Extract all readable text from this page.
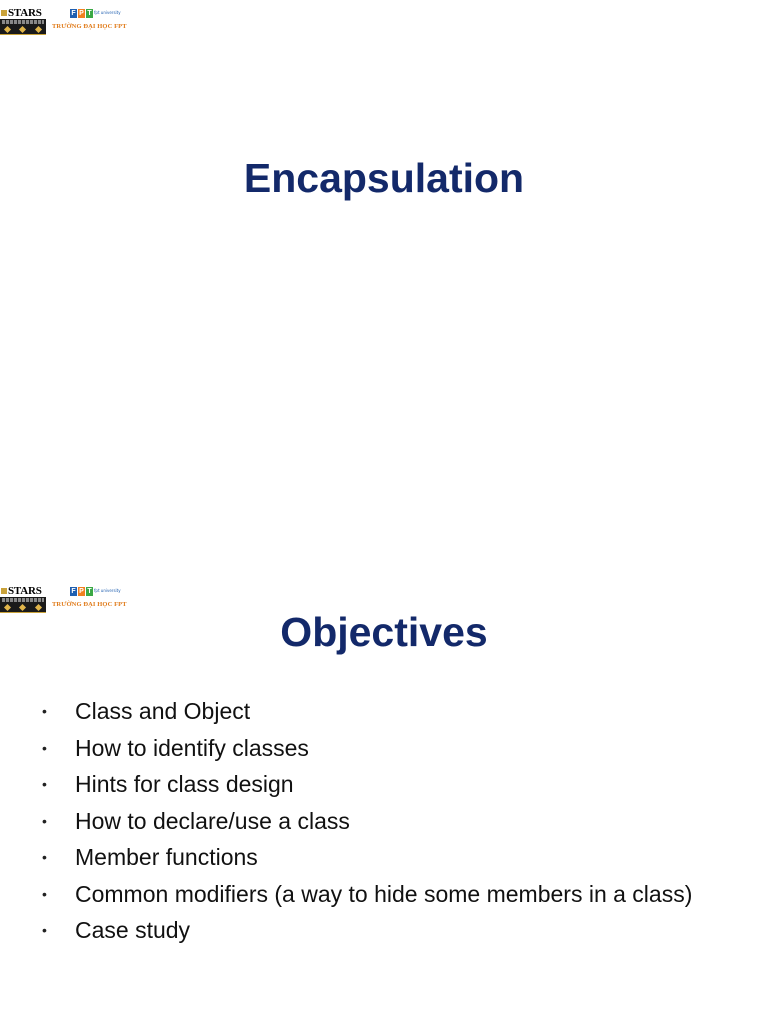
STARS	F P T fpt university
TRƯỜNG ĐẠI HỌC FPT
Encapsulation
STARS	F P T fpt university
TRƯỜNG ĐẠI HỌC FPT
Objectives
•	Class and Object
•	How to identify classes
•	Hints for class design
•	How to declare/use a class
•	Member functions
•	Common modifiers (a way to hide some members in a class)
•	Case study
